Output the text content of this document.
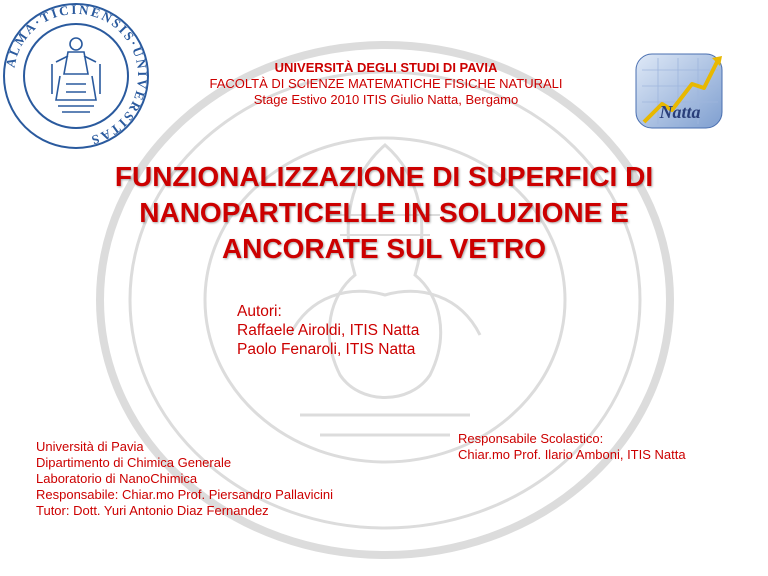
ALMA·TICINENSIS·UNIVERSITAS
Natta
UNIVERSITÀ DEGLI STUDI DI PAVIA
FACOLTÀ DI SCIENZE MATEMATICHE FISICHE NATURALI
Stage Estivo 2010 ITIS Giulio Natta, Bergamo
FUNZIONALIZZAZIONE DI SUPERFICI DI
NANOPARTICELLE IN SOLUZIONE E
ANCORATE SUL VETRO
Autori:
Raffaele Airoldi, ITIS Natta
Paolo Fenaroli, ITIS Natta
Università di Pavia
Dipartimento di Chimica Generale
Laboratorio di NanoChimica
Responsabile: Chiar.mo Prof. Piersandro Pallavicini
Tutor: Dott. Yuri Antonio Diaz Fernandez
Responsabile Scolastico:
Chiar.mo Prof. Ilario Amboni, ITIS Natta
